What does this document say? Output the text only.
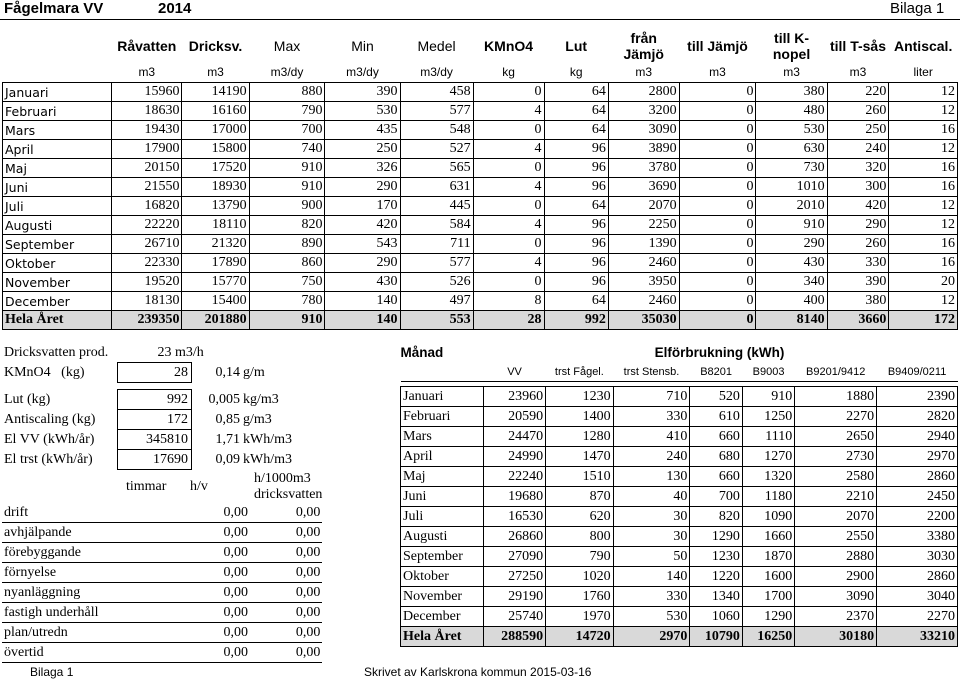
Fågelmara VV	2014	Bilaga 1
	Råvatten	Dricksv.	Max	Min	Medel	KMnO4	Lut	från Jämjö	till Jämjö	till K-nopel	till T-sås	Antiscal.
	m3	m3	m3/dy	m3/dy	m3/dy	kg	kg	m3	m3	m3	m3	liter
Januari	15960	14190	880	390	458	0	64	2800	0	380	220	12
Februari	18630	16160	790	530	577	4	64	3200	0	480	260	12
Mars	19430	17000	700	435	548	0	64	3090	0	530	250	16
April	17900	15800	740	250	527	4	96	3890	0	630	240	12
Maj	20150	17520	910	326	565	0	96	3780	0	730	320	16
Juni	21550	18930	910	290	631	4	96	3690	0	1010	300	16
Juli	16820	13790	900	170	445	0	64	2070	0	2010	420	12
Augusti	22220	18110	820	420	584	4	96	2250	0	910	290	12
September	26710	21320	890	543	711	0	96	1390	0	290	260	16
Oktober	22330	17890	860	290	577	4	96	2460	0	430	330	16
November	19520	15770	750	430	526	0	96	3950	0	340	390	20
December	18130	15400	780	140	497	8	64	2460	0	400	380	12
Hela Året	239350	201880	910	140	553	28	992	35030	0	8140	3660	172
Dricksvatten prod.	23 m3/h		
KMnO4 (kg)	28	0,14	g/m

Lut (kg)	992	0,005	kg/m3
Antiscaling (kg)	172	0,85	g/m3
El VV (kWh/år)	345810	1,71	kWh/m3
El trst (kWh/år)	17690	0,09	kWh/m3
	timmar	h/v	h/1000m3 dricksvatten
drift		0,00	0,00
avhjälpande		0,00	0,00
förebyggande		0,00	0,00
förnyelse		0,00	0,00
nyanläggning		0,00	0,00
fastigh underhåll		0,00	0,00
plan/utredn		0,00	0,00
övertid		0,00	0,00
Månad	Elförbrukning (kWh)						
	VV	trst Fågel.	trst Stensb.	B8201	B9003	B9201/9412	B9409/0211

Januari	23960	1230	710	520	910	1880	2390
Februari	20590	1400	330	610	1250	2270	2820
Mars	24470	1280	410	660	1110	2650	2940
April	24990	1470	240	680	1270	2730	2970
Maj	22240	1510	130	660	1320	2580	2860
Juni	19680	870	40	700	1180	2210	2450
Juli	16530	620	30	820	1090	2070	2200
Augusti	26860	800	30	1290	1660	2550	3380
September	27090	790	50	1230	1870	2880	3030
Oktober	27250	1020	140	1220	1600	2900	2860
November	29190	1760	330	1340	1700	3090	3040
December	25740	1970	530	1060	1290	2370	2270
Hela Året	288590	14720	2970	10790	16250	30180	33210
Bilaga 1	Skrivet av Karlskrona kommun 2015-03-16
